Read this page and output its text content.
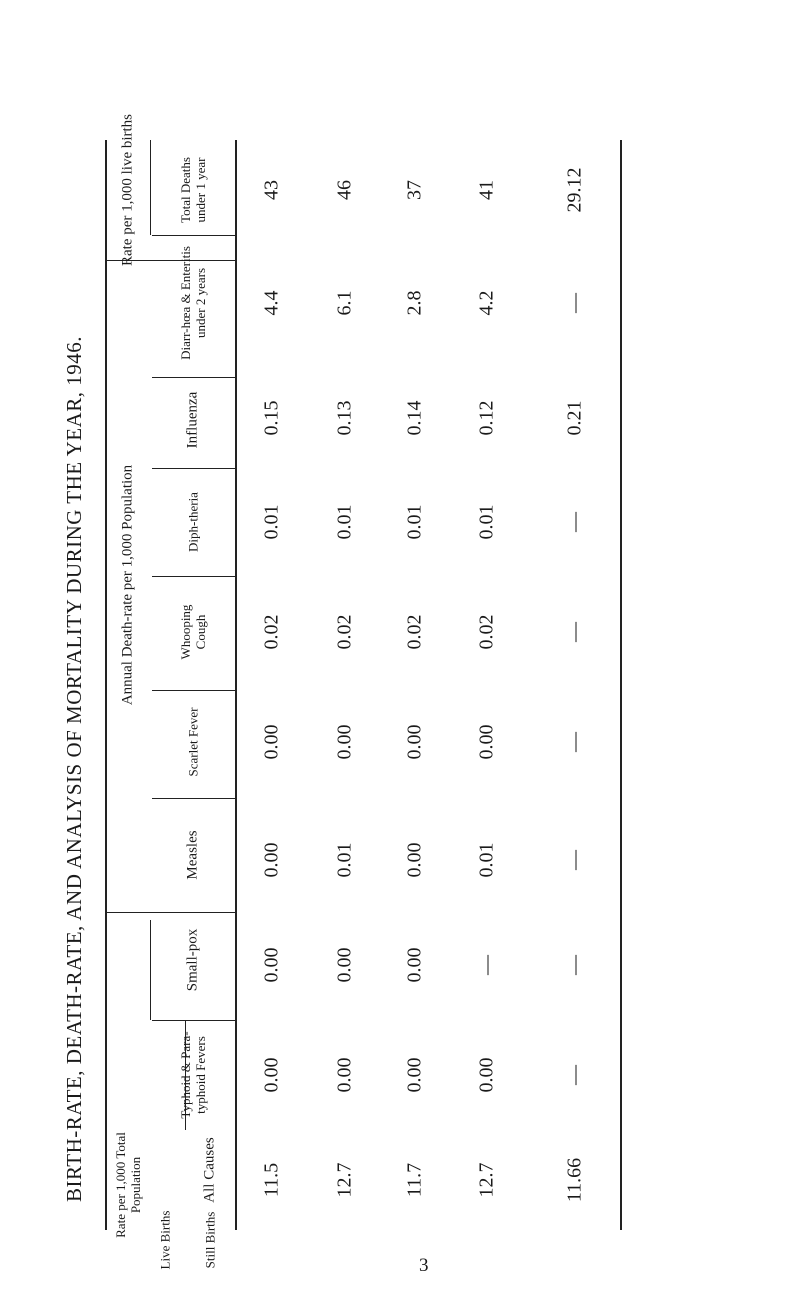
BIRTH-RATE, DEATH-RATE, AND ANALYSIS OF MORTALITY DURING THE YEAR, 1946.
Rate per 1,000 live births	Total Deaths under 1 year
Diarr-hœa & Enteritis under 2 years
Annual Death-rate per 1,000 Population
Influenza
Diph-theria
Whooping Cough
Scarlet Fever
Measles
Small-pox
Typhoid & Para-typhoid Fevers
Rate per 1,000 Total Population
Still Births
Live Births
All Causes
43
4.4
0.15
0.01
0.02
0.00
0.00
0.00
0.00
11.5
46
6.1
0.13
0.01
0.02
0.00
0.01
0.00
0.00
12.7
37
2.8
0.14
0.01
0.02
0.00
0.00
0.00
0.00
11.7
41
4.2
0.12
0.01
0.02
0.00
0.01
—
0.00
12.7
29.12
—
0.21
—
—
—
—
—
—
11.66
3
